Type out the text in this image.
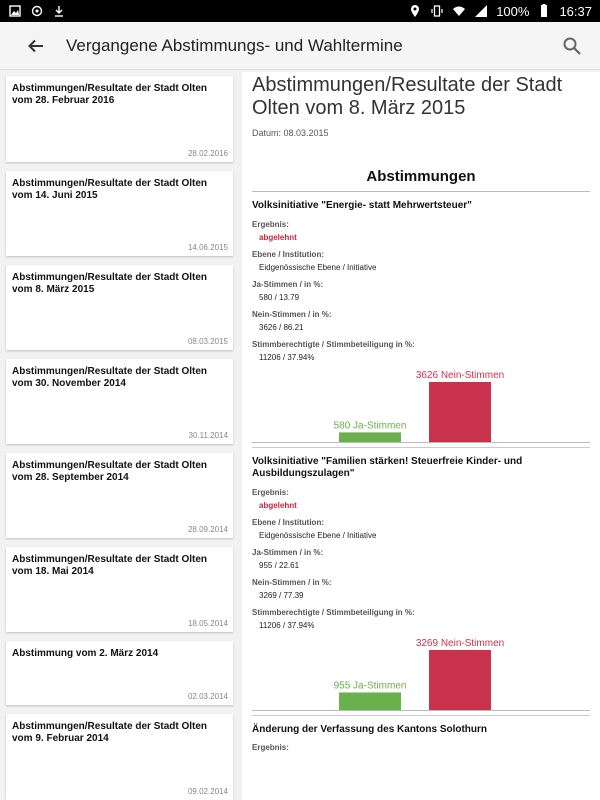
100% 16:37
Vergangene Abstimmungs- und Wahltermine
Abstimmungen/Resultate der Stadt Olten vom 28. Februar 2016
28.02.2016
Abstimmungen/Resultate der Stadt Olten vom 14. Juni 2015
14.06.2015
Abstimmungen/Resultate der Stadt Olten vom 8. März 2015
08.03.2015
Abstimmungen/Resultate der Stadt Olten vom 30. November 2014
30.11.2014
Abstimmungen/Resultate der Stadt Olten vom 28. September 2014
28.09.2014
Abstimmungen/Resultate der Stadt Olten vom 18. Mai 2014
18.05.2014
Abstimmung vom 2. März 2014
02.03.2014
Abstimmungen/Resultate der Stadt Olten vom 9. Februar 2014
09.02.2014
Abstimmungen/Resultate der Stadt Olten vom 8. März 2015
Datum: 08.03.2015
Abstimmungen
Volksinitiative "Energie- statt Mehrwertsteuer"
Ergebnis:
abgelehnt
Ebene / Institution:
Eidgenössische Ebene / Initiative
Ja-Stimmen / in %:
580 / 13.79
Nein-Stimmen / in %:
3626 / 86.21
Stimmberechtigte / Stimmbeteiligung in %:
11206 / 37.94%
580 Ja-Stimmen
3626 Nein-Stimmen
Volksinitiative "Familien stärken! Steuerfreie Kinder- und Ausbildungszulagen"
Ergebnis:
abgelehnt
Ebene / Institution:
Eidgenössische Ebene / Initiative
Ja-Stimmen / in %:
955 / 22.61
Nein-Stimmen / in %:
3269 / 77.39
Stimmberechtigte / Stimmbeteiligung in %:
11206 / 37.94%
955 Ja-Stimmen
3269 Nein-Stimmen
Änderung der Verfassung des Kantons Solothurn
Ergebnis:
